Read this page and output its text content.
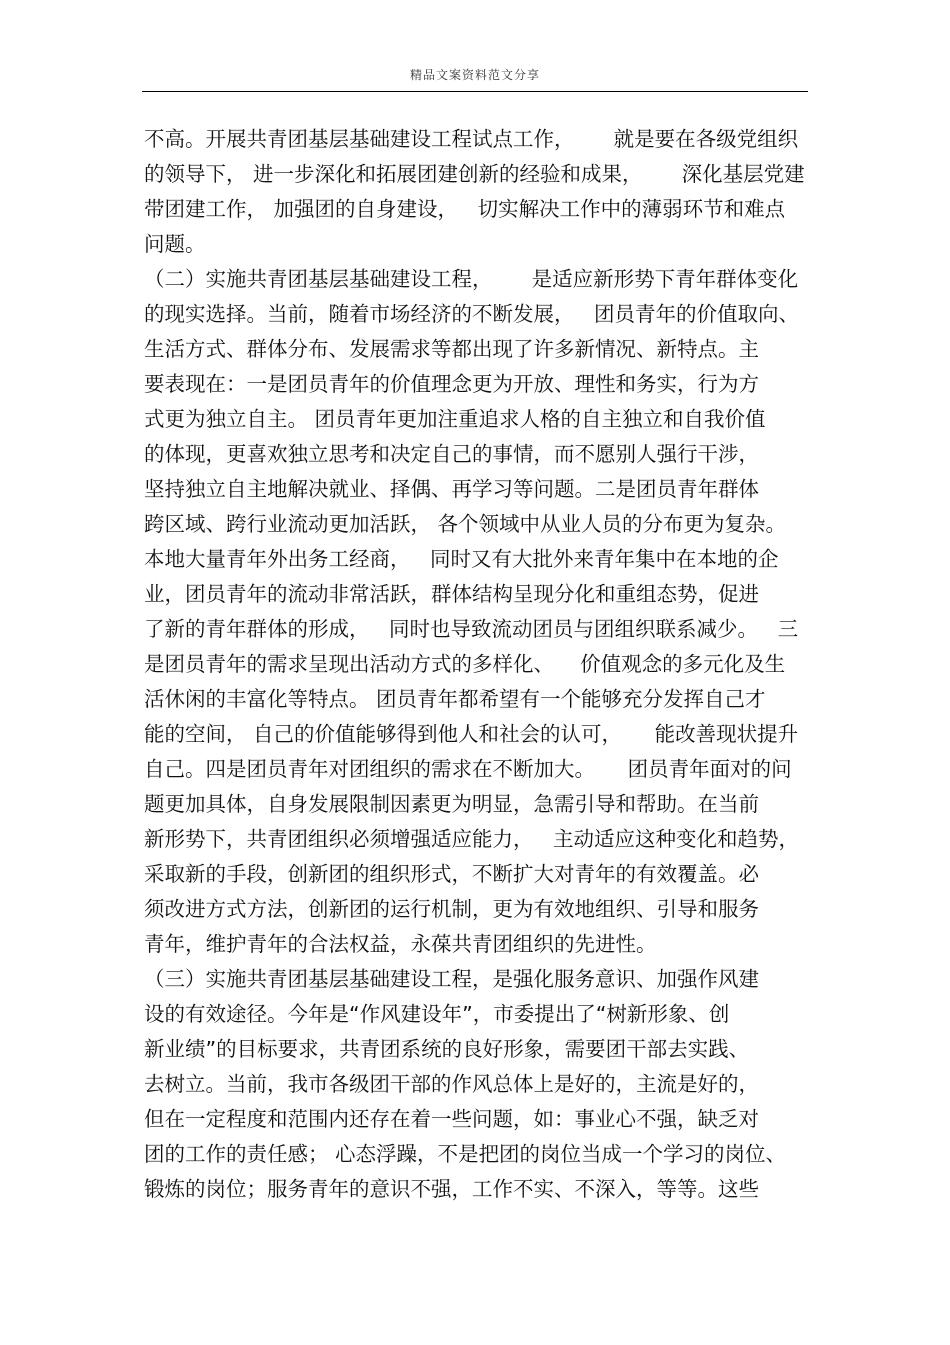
精品文案资料范文分享
不高。开展共青团基层基础建设工程试点工作，      就是要在各级党组织
的领导下， 进一步深化和拓展团建创新的经验和成果，      深化基层党建
带团建工作， 加强团的自身建设，   切实解决工作中的薄弱环节和难点
问题。
（二）实施共青团基层基础建设工程，      是适应新形势下青年群体变化
的现实选择。当前，随着市场经济的不断发展，   团员青年的价值取向、
生活方式、群体分布、发展需求等都出现了许多新情况、新特点。主
要表现在：一是团员青年的价值理念更为开放、理性和务实，行为方
式更为独立自主。 团员青年更加注重追求人格的自主独立和自我价值
的体现，更喜欢独立思考和决定自己的事情，而不愿别人强行干涉，
坚持独立自主地解决就业、择偶、再学习等问题。二是团员青年群体
跨区域、跨行业流动更加活跃， 各个领域中从业人员的分布更为复杂。
本地大量青年外出务工经商，   同时又有大批外来青年集中在本地的企
业，团员青年的流动非常活跃，群体结构呈现分化和重组态势，促进
了新的青年群体的形成，   同时也导致流动团员与团组织联系减少。   三
是团员青年的需求呈现出活动方式的多样化、    价值观念的多元化及生
活休闲的丰富化等特点。 团员青年都希望有一个能够充分发挥自己才
能的空间， 自己的价值能够得到他人和社会的认可，     能改善现状提升
自己。四是团员青年对团组织的需求在不断加大。     团员青年面对的问
题更加具体，自身发展限制因素更为明显，急需引导和帮助。在当前
新形势下，共青团组织必须增强适应能力，   主动适应这种变化和趋势，
采取新的手段，创新团的组织形式，不断扩大对青年的有效覆盖。必
须改进方式方法，创新团的运行机制，更为有效地组织、引导和服务
青年，维护青年的合法权益，永葆共青团组织的先进性。
（三）实施共青团基层基础建设工程，是强化服务意识、加强作风建
设的有效途径。今年是“作风建设年”，市委提出了“树新形象、创
新业绩”的目标要求，共青团系统的良好形象，需要团干部去实践、
去树立。当前，我市各级团干部的作风总体上是好的，主流是好的，
但在一定程度和范围内还存在着一些问题，如：事业心不强，缺乏对
团的工作的责任感； 心态浮躁，不是把团的岗位当成一个学习的岗位、
锻炼的岗位；服务青年的意识不强，工作不实、不深入，等等。这些
